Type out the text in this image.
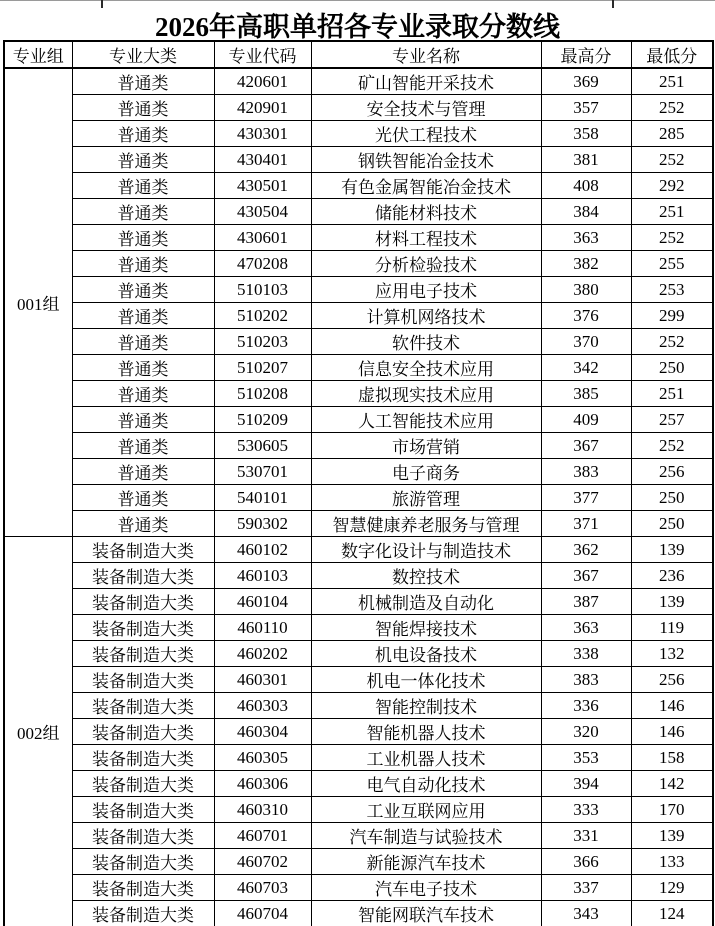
2026年高职单招各专业录取分数线
专业组	专业大类	专业代码	专业名称	最高分	最低分
001组	普通类	420601	矿山智能开采技术	369	251
	普通类	420901	安全技术与管理	357	252
	普通类	430301	光伏工程技术	358	285
	普通类	430401	钢铁智能冶金技术	381	252
	普通类	430501	有色金属智能冶金技术	408	292
	普通类	430504	储能材料技术	384	251
	普通类	430601	材料工程技术	363	252
	普通类	470208	分析检验技术	382	255
	普通类	510103	应用电子技术	380	253
	普通类	510202	计算机网络技术	376	299
	普通类	510203	软件技术	370	252
	普通类	510207	信息安全技术应用	342	250
	普通类	510208	虚拟现实技术应用	385	251
	普通类	510209	人工智能技术应用	409	257
	普通类	530605	市场营销	367	252
	普通类	530701	电子商务	383	256
	普通类	540101	旅游管理	377	250
	普通类	590302	智慧健康养老服务与管理	371	250
002组	装备制造大类	460102	数字化设计与制造技术	362	139
	装备制造大类	460103	数控技术	367	236
	装备制造大类	460104	机械制造及自动化	387	139
	装备制造大类	460110	智能焊接技术	363	119
	装备制造大类	460202	机电设备技术	338	132
	装备制造大类	460301	机电一体化技术	383	256
	装备制造大类	460303	智能控制技术	336	146
	装备制造大类	460304	智能机器人技术	320	146
	装备制造大类	460305	工业机器人技术	353	158
	装备制造大类	460306	电气自动化技术	394	142
	装备制造大类	460310	工业互联网应用	333	170
	装备制造大类	460701	汽车制造与试验技术	331	139
	装备制造大类	460702	新能源汽车技术	366	133
	装备制造大类	460703	汽车电子技术	337	129
	装备制造大类	460704	智能网联汽车技术	343	124
